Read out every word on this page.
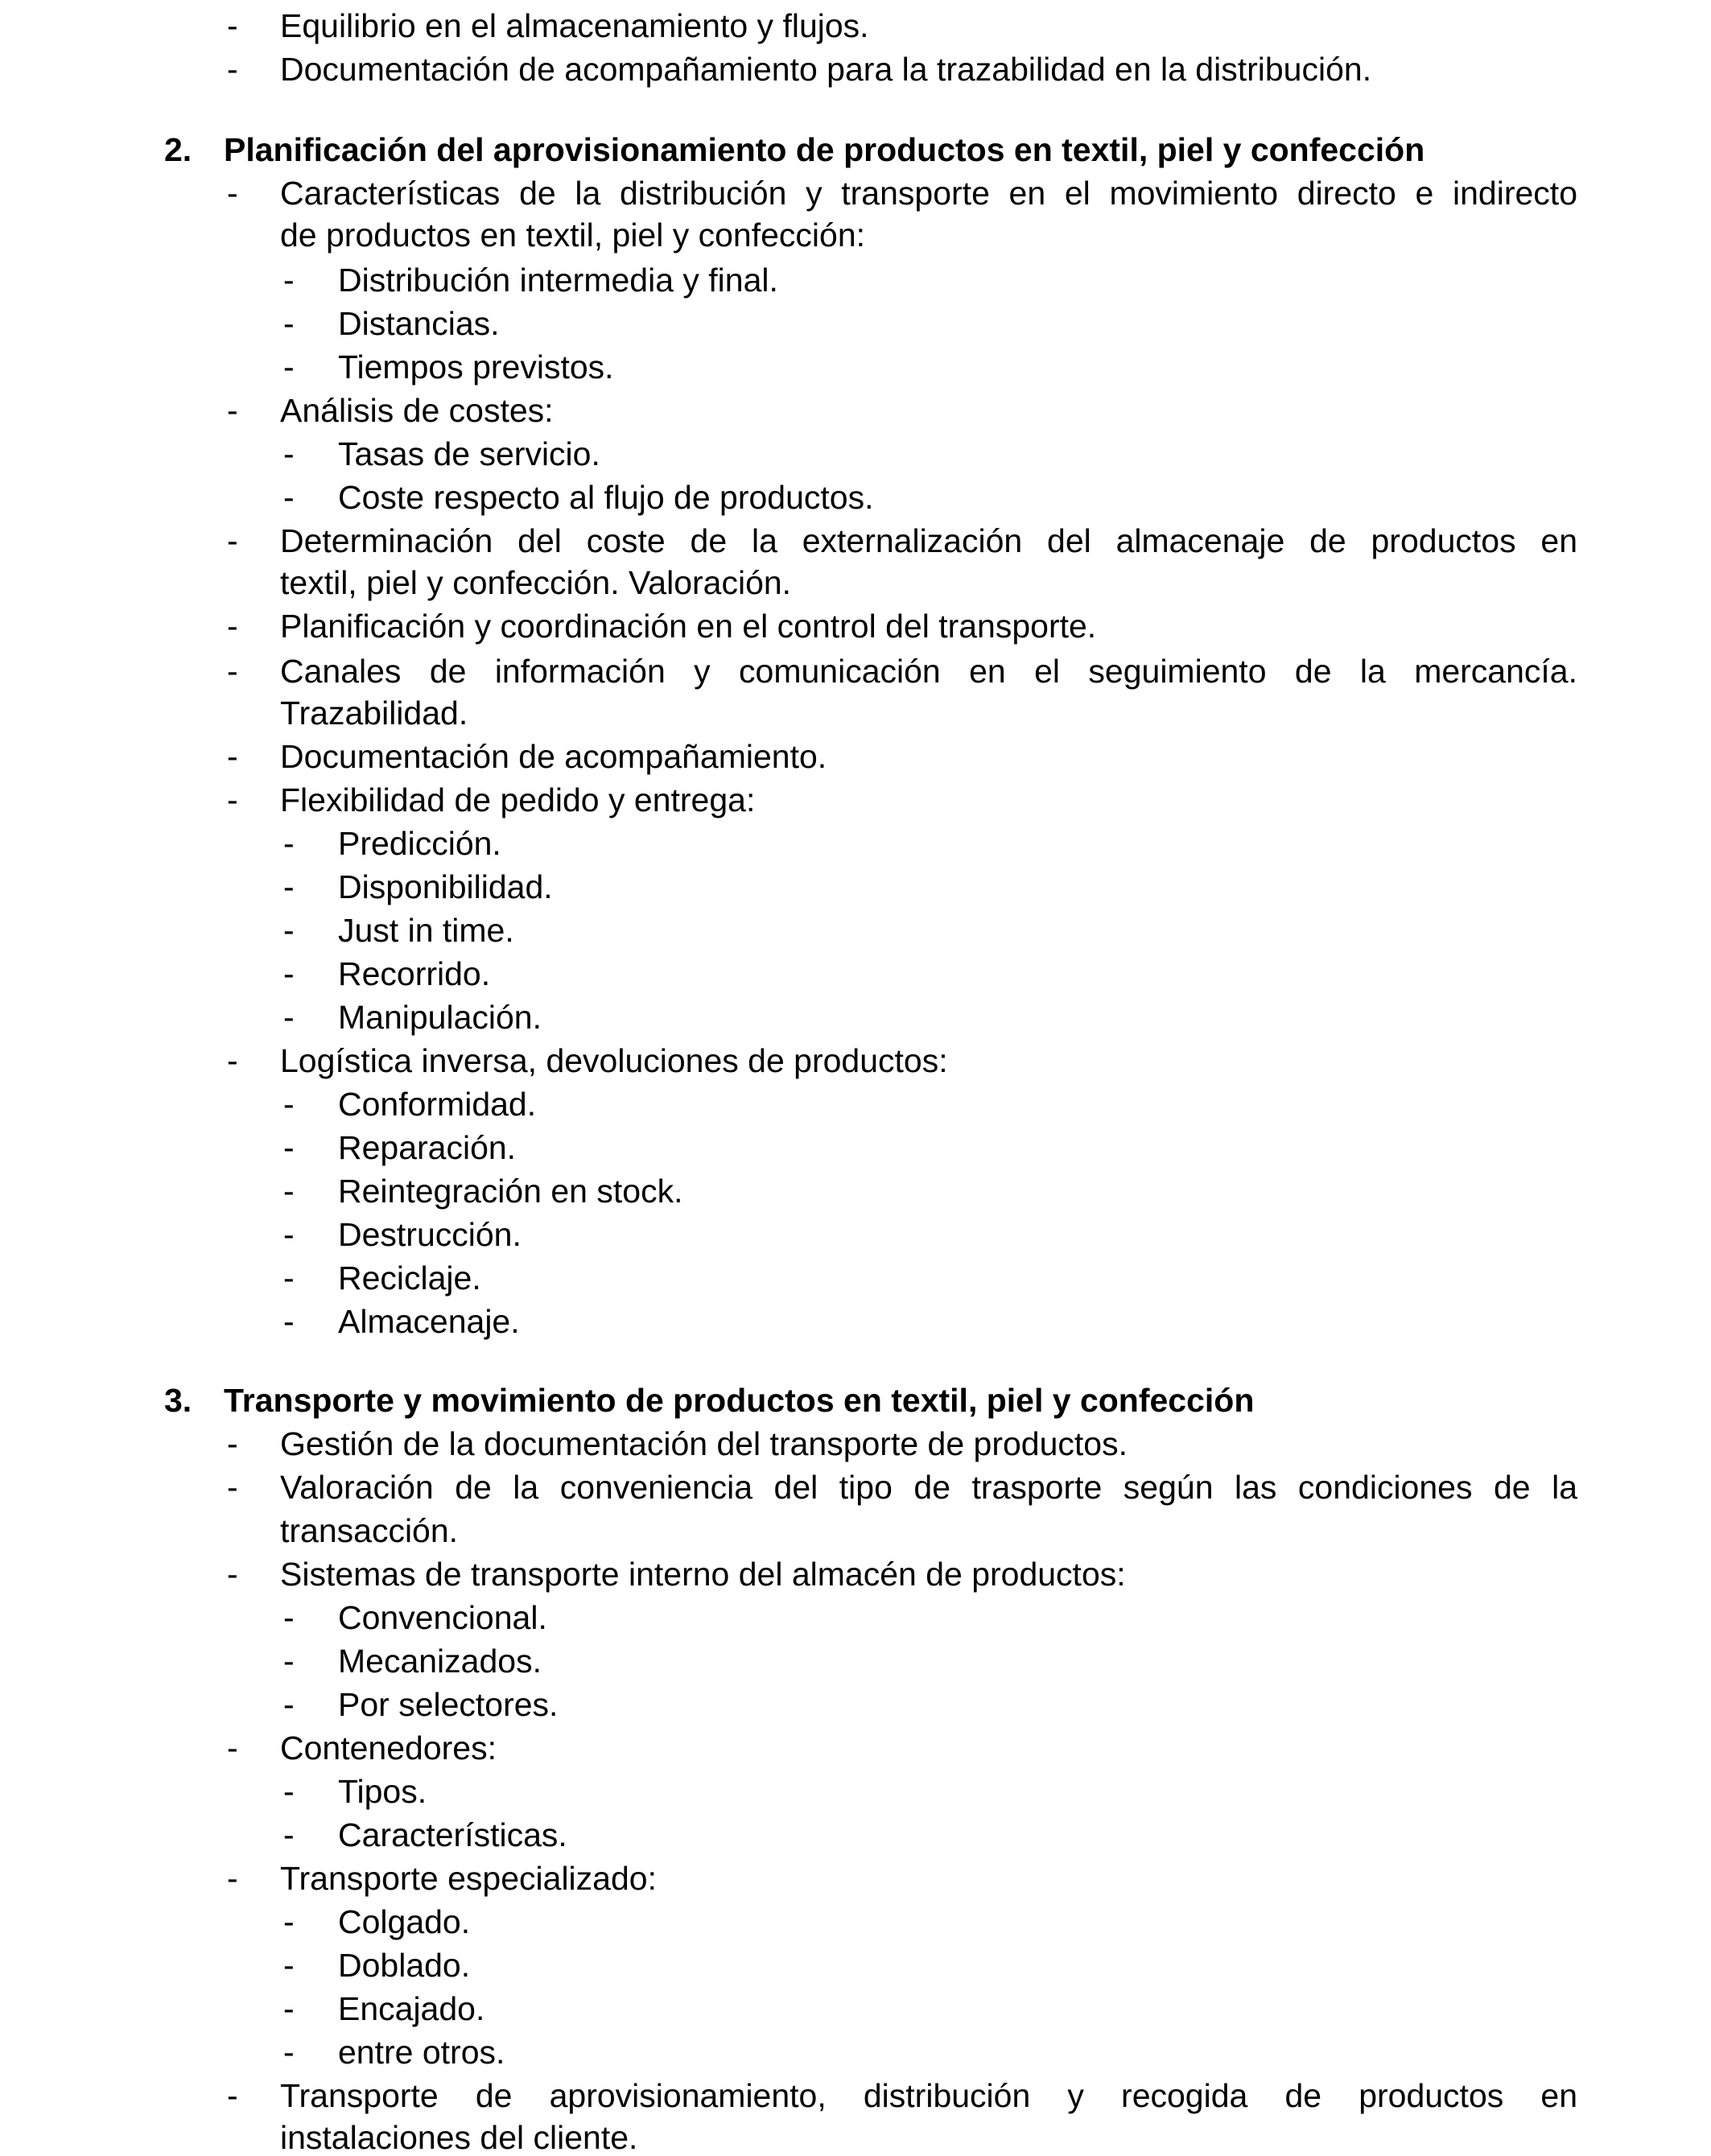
- Equilibrio en el almacenamiento y flujos.
- Documentación de acompañamiento para la trazabilidad en la distribución.
2. Planificación del aprovisionamiento de productos en textil, piel y confección
- Características de la distribución y transporte en el movimiento directo e indirecto
de productos en textil, piel y confección:
- Distribución intermedia y final.
- Distancias.
- Tiempos previstos.
- Análisis de costes:
- Tasas de servicio.
- Coste respecto al flujo de productos.
- Determinación del coste de la externalización del almacenaje de productos en
textil, piel y confección. Valoración.
- Planificación y coordinación en el control del transporte.
- Canales de información y comunicación en el seguimiento de la mercancía.
Trazabilidad.
- Documentación de acompañamiento.
- Flexibilidad de pedido y entrega:
- Predicción.
- Disponibilidad.
- Just in time.
- Recorrido.
- Manipulación.
- Logística inversa, devoluciones de productos:
- Conformidad.
- Reparación.
- Reintegración en stock.
- Destrucción.
- Reciclaje.
- Almacenaje.
3. Transporte y movimiento de productos en textil, piel y confección
- Gestión de la documentación del transporte de productos.
- Valoración de la conveniencia del tipo de trasporte según las condiciones de la
transacción.
- Sistemas de transporte interno del almacén de productos:
- Convencional.
- Mecanizados.
- Por selectores.
- Contenedores:
- Tipos.
- Características.
- Transporte especializado:
- Colgado.
- Doblado.
- Encajado.
- entre otros.
- Transporte de aprovisionamiento, distribución y recogida de productos en
instalaciones del cliente.
